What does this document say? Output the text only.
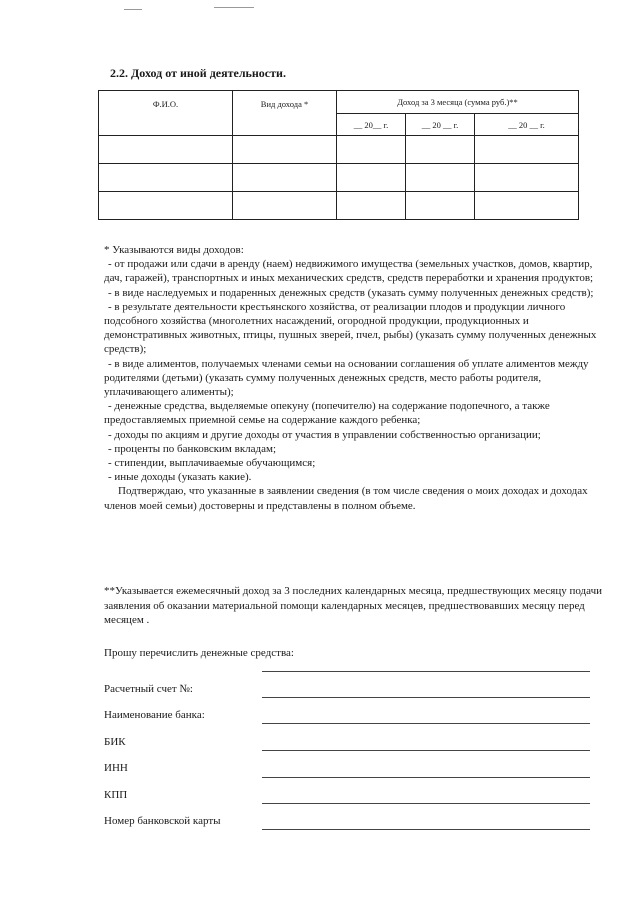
2.2. Доход от иной деятельности.
Ф.И.О.	Вид дохода *	Доход за 3 месяца (сумма руб.)**		
		__ 20__ г.	__ 20 __ г.	__ 20 __ г.

* Указываются виды доходов:

- от продажи или сдачи в аренду (наем) недвижимого имущества (земельных участков, домов, квартир, дач, гаражей), транспортных и иных механических средств, средств переработки и хранения продуктов;

- в виде наследуемых и подаренных денежных средств (указать сумму полученных денежных средств);

- в результате деятельности крестьянского хозяйства, от реализации плодов и продукции личного подсобного хозяйства (многолетних насаждений, огородной продукции, продукционных и демонстративных животных, птицы, пушных зверей, пчел, рыбы) (указать сумму полученных денежных средств);

- в виде алиментов, получаемых членами семьи на основании соглашения об уплате алиментов между родителями (детьми) (указать сумму полученных денежных средств, место работы родителя, уплачивающего алименты);

- денежные средства, выделяемые опекуну (попечителю) на содержание подопечного, а также предоставляемых приемной семье на содержание каждого ребенка;

- доходы по акциям и другие доходы от участия в управлении собственностью организации;

- проценты по банковским вкладам;

- стипендии, выплачиваемые обучающимся;

- иные доходы (указать какие).

Подтверждаю, что указанные в заявлении сведения (в том числе сведения о моих доходах и доходах членов моей семьи) достоверны и представлены в полном объеме.

**Указывается ежемесячный доход за 3 последних календарных месяца, предшествующих месяцу подачи заявления об оказании материальной помощи календарных месяцев, предшествовавших месяцу перед месяцем .

Прошу перечислить денежные средства:

Расчетный счет №:
Наименование банка:
БИК
ИНН
КПП
Номер банковской карты
